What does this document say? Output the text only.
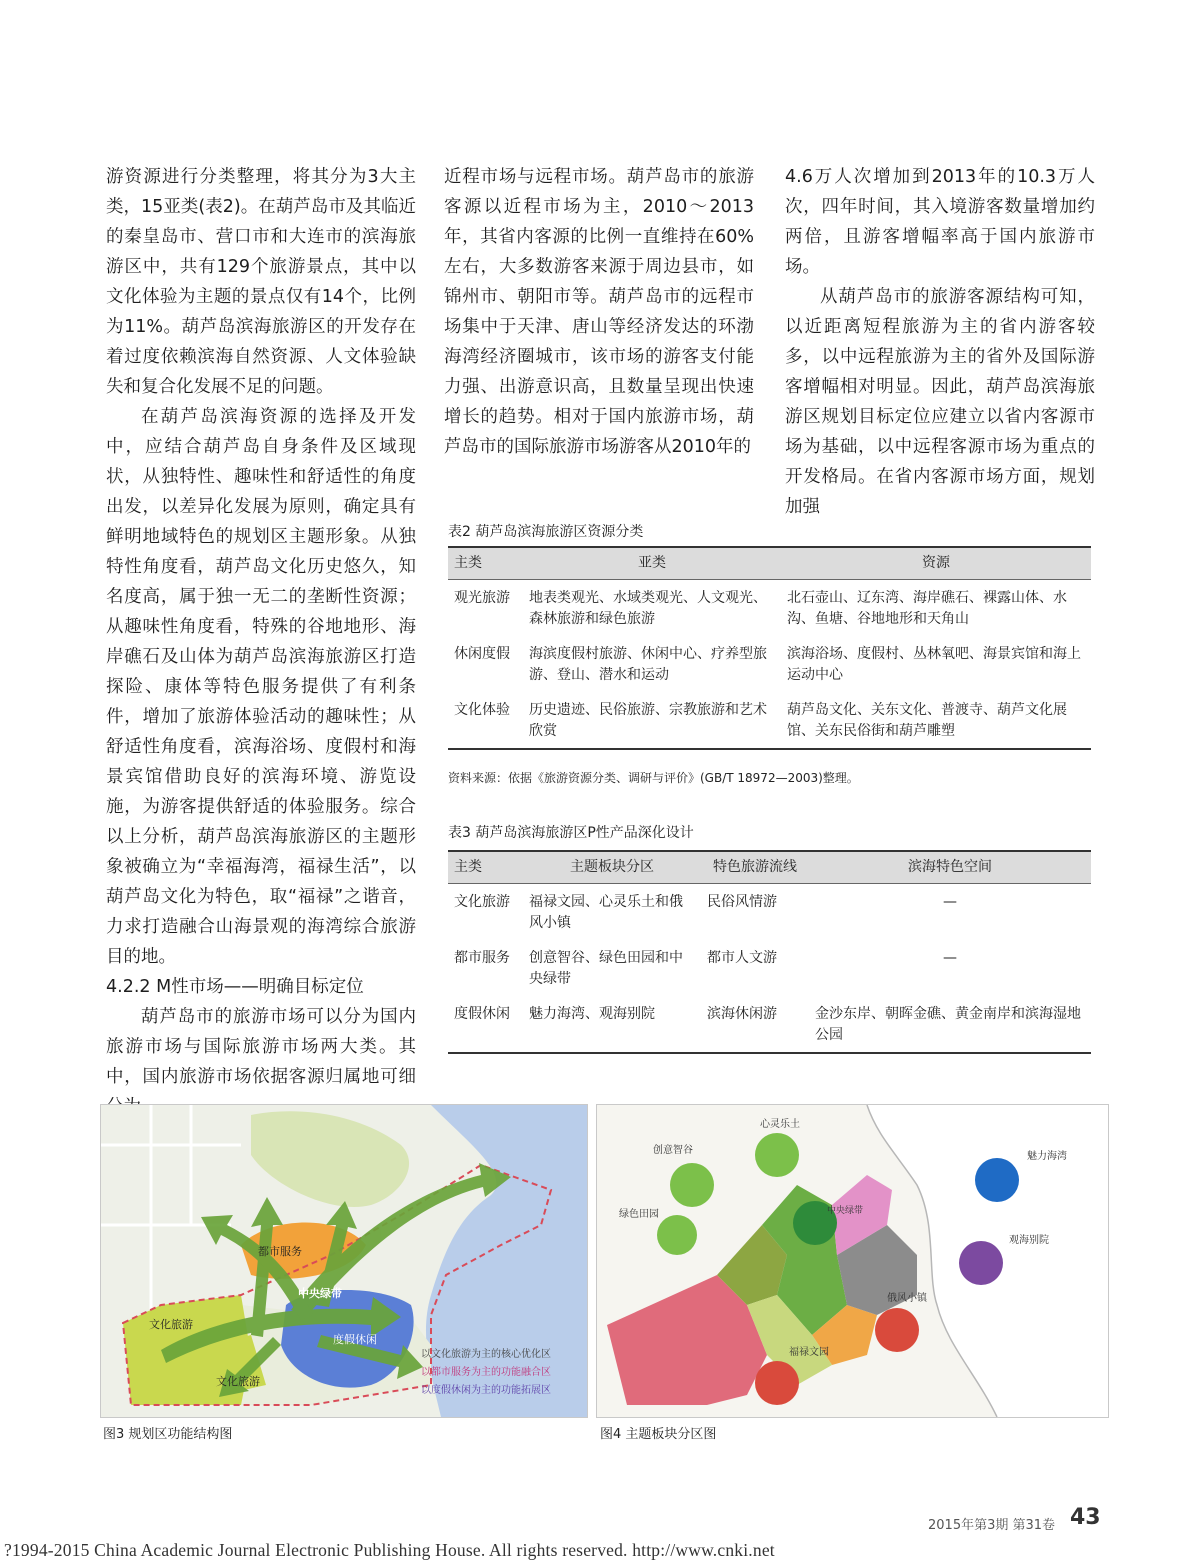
游资源进行分类整理，将其分为3大主类，15亚类(表2)。在葫芦岛市及其临近的秦皇岛市、营口市和大连市的滨海旅游区中，共有129个旅游景点，其中以文化体验为主题的景点仅有14个，比例为11%。葫芦岛滨海旅游区的开发存在着过度依赖滨海自然资源、人文体验缺失和复合化发展不足的问题。

在葫芦岛滨海资源的选择及开发中，应结合葫芦岛自身条件及区域现状，从独特性、趣味性和舒适性的角度出发，以差异化发展为原则，确定具有鲜明地域特色的规划区主题形象。从独特性角度看，葫芦岛文化历史悠久，知名度高，属于独一无二的垄断性资源；从趣味性角度看，特殊的谷地地形、海岸礁石及山体为葫芦岛滨海旅游区打造探险、康体等特色服务提供了有利条件，增加了旅游体验活动的趣味性；从舒适性角度看，滨海浴场、度假村和海景宾馆借助良好的滨海环境、游览设施，为游客提供舒适的体验服务。综合以上分析，葫芦岛滨海旅游区的主题形象被确立为“幸福海湾，福禄生活”，以葫芦岛文化为特色，取“福禄”之谐音，力求打造融合山海景观的海湾综合旅游目的地。

4.2.2 M性市场——明确目标定位

葫芦岛市的旅游市场可以分为国内旅游市场与国际旅游市场两大类。其中，国内旅游市场依据客源归属地可细

近程市场与远程市场。葫芦岛市的旅游客源以近程市场为主，2010～2013年，其省内客源的比例一直维持在60%左右，大多数游客来源于周边县市，如锦州市、朝阳市等。葫芦岛市的远程市场集中于天津、唐山等经济发达的环渤海湾经济圈城市，该市场的游客支付能力强、出游意识高，且数量呈现出快速增长的趋势。相对于国内旅游市场，葫芦岛市的国际旅游市场游客从2010年的

4.6万人次增加到2013年的10.3万人次，四年时间，其入境游客数量增加约两倍，且游客增幅率高于国内旅游市场。

从葫芦岛市的旅游客源结构可知，以近距离短程旅游为主的省内游客较多，以中远程旅游为主的省外及国际游客增幅相对明显。因此，葫芦岛滨海旅游区规划目标定位应建立以省内客源市场为基础，以中远程客源市场为重点的开发格局。在省内客源市场方面，规划加强

表2 葫芦岛滨海旅游区资源分类
主类	亚类	资源
观光旅游	地表类观光、水域类观光、人文观光、森林旅游和绿色旅游	北石壶山、辽东湾、海岸礁石、裸露山体、水沟、鱼塘、谷地地形和天角山
休闲度假	海滨度假村旅游、休闲中心、疗养型旅游、登山、潜水和运动	滨海浴场、度假村、丛林氧吧、海景宾馆和海上运动中心
文化体验	历史遗迹、民俗旅游、宗教旅游和艺术欣赏	葫芦岛文化、关东文化、普渡寺、葫芦文化展馆、关东民俗街和葫芦雕塑
资料来源：依据《旅游资源分类、调研与评价》(GB/T 18972—2003)整理。
表3 葫芦岛滨海旅游区P性产品深化设计
主类	主题板块分区	特色旅游流线	滨海特色空间
文化旅游	福禄文园、心灵乐土和俄风小镇	民俗风情游	—
都市服务	创意智谷、绿色田园和中央绿带	都市人文游	—
度假休闲	魅力海湾、观海别院	滨海休闲游	金沙东岸、朝晖金礁、黄金南岸和滨海湿地公园
文化旅游
文化旅游
都市服务
中央绿带
度假休闲
以文化旅游为主的核心优化区
以都市服务为主的功能融合区
以度假休闲为主的功能拓展区
图3 规划区功能结构图
心灵乐土
创意智谷
绿色田园	中央绿带
魅力海湾
观海别院
俄风小镇
福禄文园
图4 主题板块分区图
2015年第3期 第31卷 43
?1994-2015 China Academic Journal Electronic Publishing House. All rights reserved. http://www.cnki.net
